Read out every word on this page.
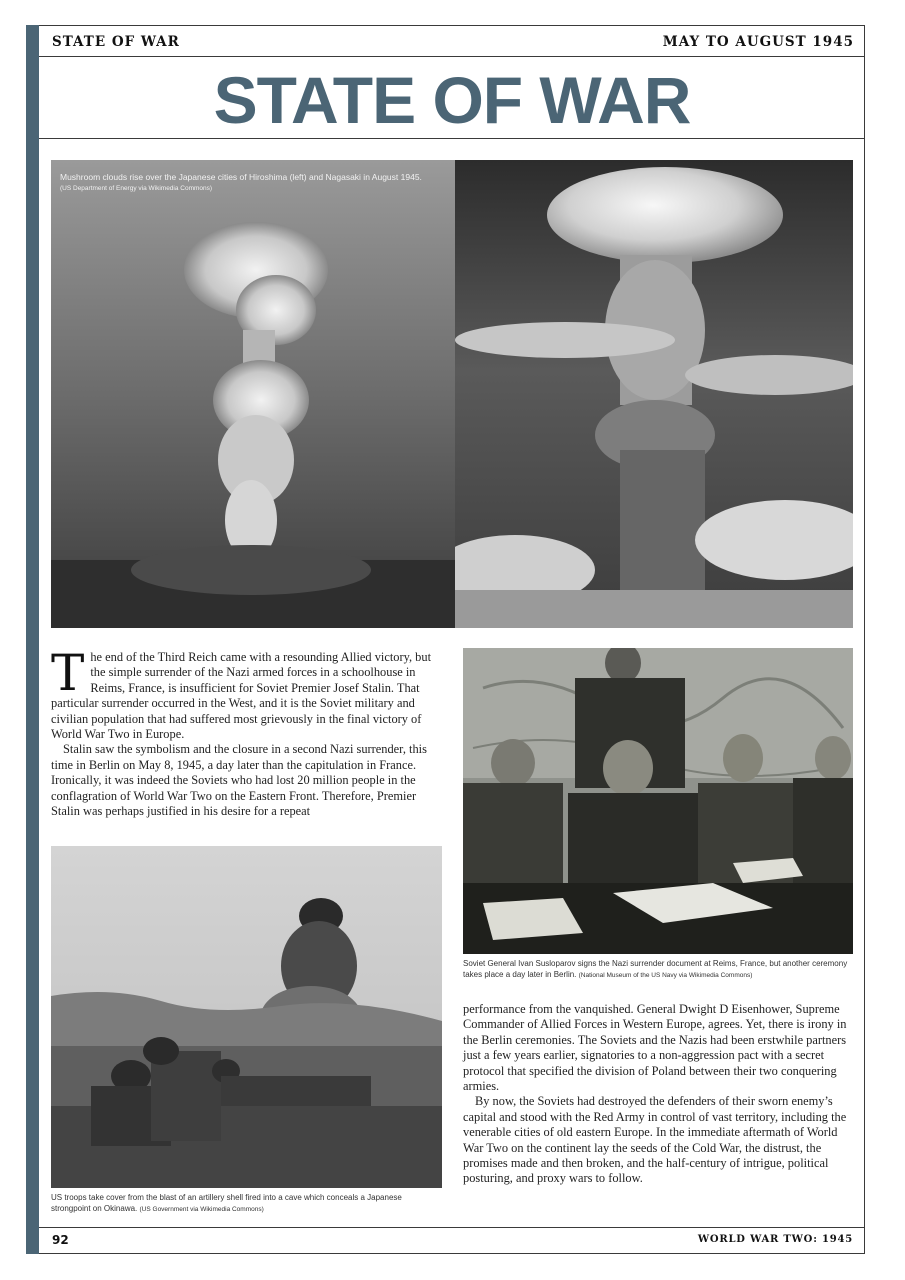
STATE OF WAR	MAY TO AUGUST 1945
STATE OF WAR
Mushroom clouds rise over the Japanese cities of Hiroshima (left) and Nagasaki in August 1945.
(US Department of Energy via Wikimedia Commons)

T he end of the Third Reich came with a resounding Allied victory, but the simple surrender of the Nazi armed forces in a schoolhouse in Reims, France, is insufficient for Soviet Premier Josef Stalin. That particular surrender occurred in the West, and it is the Soviet military and civilian population that had suffered most grievously in the final victory of World War Two in Europe.

Stalin saw the symbolism and the closure in a second Nazi surrender, this time in Berlin on May 8, 1945, a day later than the capitulation in France. Ironically, it was indeed the Soviets who had lost 20 million people in the conflagration of World War Two on the Eastern Front. Therefore, Premier Stalin was perhaps justified in his desire for a repeat

Soviet General Ivan Susloparov signs the Nazi surrender document at Reims, France, but another ceremony takes place a day later in Berlin. (National Museum of the US Navy via Wikimedia Commons)
US troops take cover from the blast of an artillery shell fired into a cave which conceals a Japanese strongpoint on Okinawa. (US Government via Wikimedia Commons)

performance from the vanquished. General Dwight D Eisenhower, Supreme Commander of Allied Forces in Western Europe, agrees. Yet, there is irony in the Berlin ceremonies. The Soviets and the Nazis had been erstwhile partners just a few years earlier, signatories to a non-aggression pact with a secret protocol that specified the division of Poland between their two conquering armies.

By now, the Soviets had destroyed the defenders of their sworn enemy’s capital and stood with the Red Army in control of vast territory, including the venerable cities of old eastern Europe. In the immediate aftermath of World War Two on the continent lay the seeds of the Cold War, the distrust, the promises made and then broken, and the half-century of intrigue, political posturing, and proxy wars to follow.

92	WORLD WAR TWO: 1945
